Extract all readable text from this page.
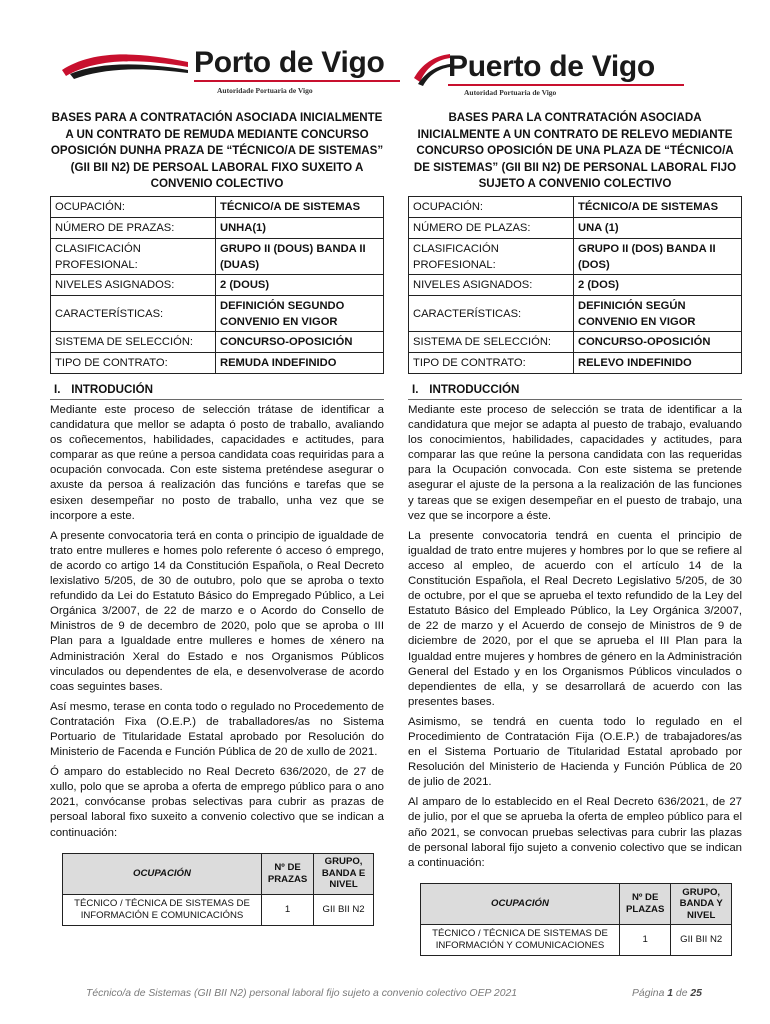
Porto de Vigo
Autoridade Portuaria de Vigo
Puerto de Vigo
Autoridad Portuaria de Vigo
BASES PARA A CONTRATACIÓN ASOCIADA INICIALMENTE A UN CONTRATO DE REMUDA MEDIANTE CONCURSO OPOSICIÓN DUNHA PRAZA DE “TÉCNICO/A DE SISTEMAS” (GII BII N2) DE PERSOAL LABORAL FIXO SUXEITO A CONVENIO COLECTIVO
OCUPACIÓN:	TÉCNICO/A DE SISTEMAS
NÚMERO DE PRAZAS:	UNHA(1)
CLASIFICACIÓN PROFESIONAL:	GRUPO II (DOUS) BANDA II (DUAS)
NIVELES ASIGNADOS:	2 (DOUS)
CARACTERÍSTICAS:	DEFINICIÓN SEGUNDO CONVENIO EN VIGOR
SISTEMA DE SELECCIÓN:	CONCURSO-OPOSICIÓN
TIPO DE CONTRATO:	REMUDA INDEFINIDO
I. INTRODUCIÓN

Mediante este proceso de selección trátase de identificar a candidatura que mellor se adapta ó posto de traballo, avaliando os coñecementos, habilidades, capacidades e actitudes, para comparar as que reúne a persoa candidata coas requiridas para a ocupación convocada. Con este sistema preténdese asegurar o axuste da persoa á realización das funcións e tarefas que se esixen desempeñar no posto de traballo, unha vez que se incorpore a este.

A presente convocatoria terá en conta o principio de igualdade de trato entre mulleres e homes polo referente ó acceso ó emprego, de acordo co artigo 14 da Constitución Española, o Real Decreto lexislativo 5/205, de 30 de outubro, polo que se aproba o texto refundido da Lei do Estatuto Básico do Empregado Público, a Lei Orgánica 3/2007, de 22 de marzo e o Acordo do Consello de Ministros de 9 de decembro de 2020, polo que se aproba o III Plan para a Igualdade entre mulleres e homes de xénero na Administración Xeral do Estado e nos Organismos Públicos vinculados ou dependentes de ela, e desenvolverase de acordo coas seguintes bases.

Así mesmo, terase en conta todo o regulado no Procedemento de Contratación Fixa (O.E.P.) de traballadores/as no Sistema Portuario de Titularidade Estatal aprobado por Resolución do Ministerio de Facenda e Función Pública de 20 de xullo de 2021.

Ó amparo do establecido no Real Decreto 636/2020, de 27 de xullo, polo que se aproba a oferta de emprego público para o ano 2021, convócanse probas selectivas para cubrir as prazas de persoal laboral fixo suxeito a convenio colectivo que se indican a continuación:

OCUPACIÓN	Nº DE PRAZAS	GRUPO, BANDA E NIVEL
TÉCNICO / TÉCNICA DE SISTEMAS DE INFORMACIÓN E COMUNICACIÓNS	1	GII BII N2
BASES PARA LA CONTRATACIÓN ASOCIADA INICIALMENTE A UN CONTRATO DE RELEVO MEDIANTE CONCURSO OPOSICIÓN DE UNA PLAZA DE “TÉCNICO/A DE SISTEMAS” (GII BII N2) DE PERSONAL LABORAL FIJO SUJETO A CONVENIO COLECTIVO
OCUPACIÓN:	TÉCNICO/A DE SISTEMAS
NÚMERO DE PLAZAS:	UNA (1)
CLASIFICACIÓN PROFESIONAL:	GRUPO II (DOS) BANDA II (DOS)
NIVELES ASIGNADOS:	2 (DOS)
CARACTERÍSTICAS:	DEFINICIÓN SEGÚN CONVENIO EN VIGOR
SISTEMA DE SELECCIÓN:	CONCURSO-OPOSICIÓN
TIPO DE CONTRATO:	RELEVO INDEFINIDO
I. INTRODUCCIÓN

Mediante este proceso de selección se trata de identificar a la candidatura que mejor se adapta al puesto de trabajo, evaluando los conocimientos, habilidades, capacidades y actitudes, para comparar las que reúne la persona candidata con las requeridas para la Ocupación convocada. Con este sistema se pretende asegurar el ajuste de la persona a la realización de las funciones y tareas que se exigen desempeñar en el puesto de trabajo, una vez que se incorpore a éste.

La presente convocatoria tendrá en cuenta el principio de igualdad de trato entre mujeres y hombres por lo que se refiere al acceso al empleo, de acuerdo con el artículo 14 de la Constitución Española, el Real Decreto Legislativo 5/205, de 30 de octubre, por el que se aprueba el texto refundido de la Ley del Estatuto Básico del Empleado Público, la Ley Orgánica 3/2007, de 22 de marzo y el Acuerdo de consejo de Ministros de 9 de diciembre de 2020, por el que se aprueba el III Plan para la Igualdad entre mujeres y hombres de género en la Administración General del Estado y en los Organismos Públicos vinculados o dependientes de ella, y se desarrollará de acuerdo con las presentes bases.

Asimismo, se tendrá en cuenta todo lo regulado en el Procedimiento de Contratación Fija (O.E.P.) de trabajadores/as en el Sistema Portuario de Titularidad Estatal aprobado por Resolución del Ministerio de Hacienda y Función Pública de 20 de julio de 2021.

Al amparo de lo establecido en el Real Decreto 636/2021, de 27 de julio, por el que se aprueba la oferta de empleo público para el año 2021, se convocan pruebas selectivas para cubrir las plazas de personal laboral fijo sujeto a convenio colectivo que se indican a continuación:

OCUPACIÓN	Nº DE PLAZAS	GRUPO, BANDA Y NIVEL
TÉCNICO / TÉCNICA DE SISTEMAS DE INFORMACIÓN Y COMUNICACIONES	1	GII BII N2
Técnico/a de Sistemas (GII BII N2) personal laboral fijo sujeto a convenio colectivo OEP 2021	Página 1 de 25
